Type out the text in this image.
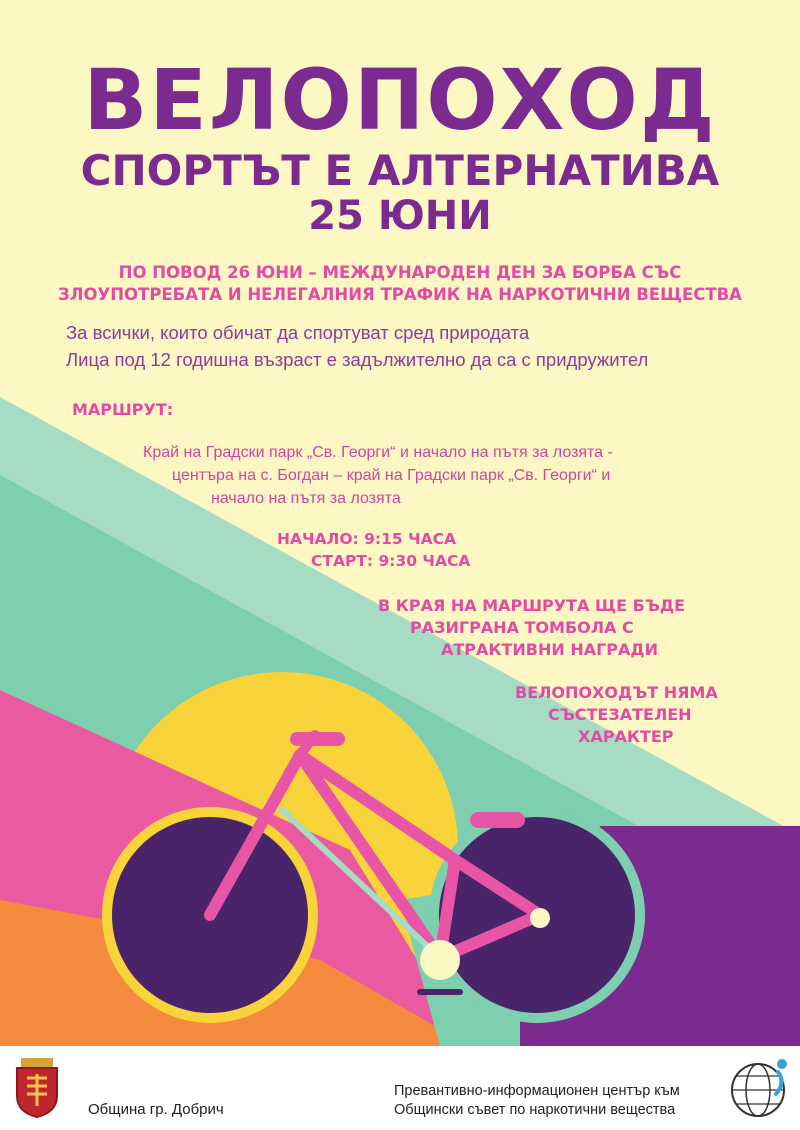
ВЕЛОПОХОД
СПОРТЪТ Е АЛТЕРНАТИВА
25 ЮНИ

ПО ПОВОД 26 ЮНИ – МЕЖДУНАРОДЕН ДЕН ЗА БОРБА СЪС

ЗЛОУПОТРЕБАТА И НЕЛЕГАЛНИЯ ТРАФИК НА НАРКОТИЧНИ ВЕЩЕСТВА

За всички, които обичат да спортуват сред природата

Лица под 12 годишна възраст е задължително да са с придружител

МАРШРУТ:

Край на Градски парк „Св. Георги“ и начало на пътя за лозята -

центъра на с. Богдан – край на Градски парк „Св. Георги“ и

начало на пътя за лозята

НАЧАЛО: 9:15 ЧАСА

СТАРТ: 9:30 ЧАСА

В КРАЯ НА МАРШРУТА ЩЕ БЪДЕ

РАЗИГРАНА ТОМБОЛА С

АТРАКТИВНИ НАГРАДИ

ВЕЛОПОХОДЪТ НЯМА

СЪСТЕЗАТЕЛЕН

ХАРАКТЕР

Община гр. Добрич

Превантивно-информационен център към

Общински съвет по наркотични вещества
